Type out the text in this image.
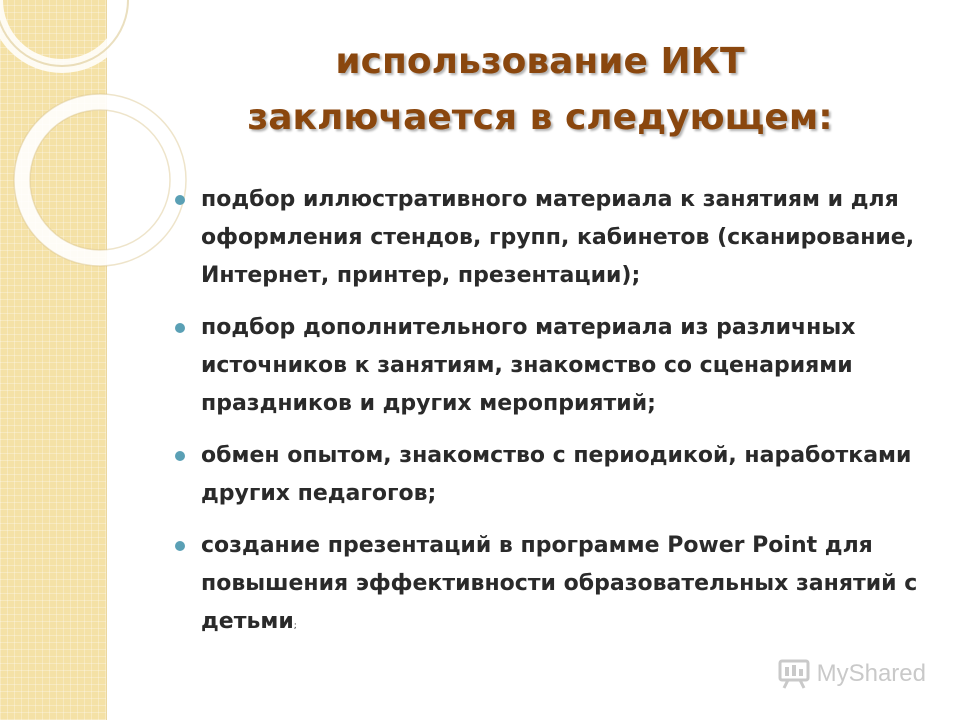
использование ИКТ
заключается в следующем:
подбор иллюстративного материала к занятиям и для оформления стендов, групп, кабинетов (сканирование, Интернет, принтер, презентации);
подбор дополнительного материала из различных источников к занятиям, знакомство со сценариями праздников и других мероприятий;
обмен опытом, знакомство с периодикой, наработками других педагогов;
создание презентаций в программе Power Point для повышения эффективности образовательных занятий с детьми;
MyShared
